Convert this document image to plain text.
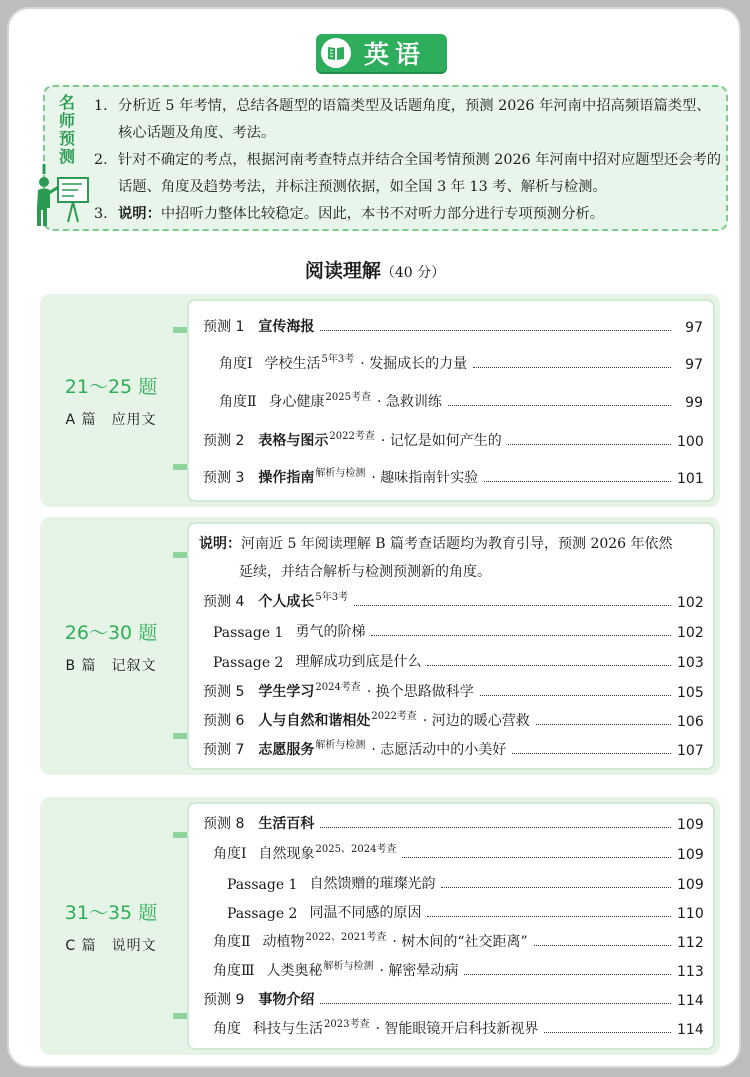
英语
名
师
预
测
1. 分析近 5 年考情，总结各题型的语篇类型及话题角度，预测 2026 年河南中招高频语篇类型、核心话题及角度、考法。
2. 针对不确定的考点，根据河南考查特点并结合全国考情预测 2026 年河南中招对应题型还会考的话题、角度及趋势考法，并标注预测依据，如全国 3 年 13 考、解析与检测。
3. 说明：中招听力整体比较稳定。因此，本书不对听力部分进行专项预测分析。
阅读理解（40 分）
21～25 题
A 篇　应用文
预测 1 宣传海报	97
角度Ⅰ 学校生活 5年3考 · 发掘成长的力量	97
角度Ⅱ 身心健康 2025考查 · 急救训练	99
预测 2 表格与图示 2022考查 · 记忆是如何产生的	100
预测 3 操作指南 解析与检测 · 趣味指南针实验	101
26～30 题
B 篇　记叙文
说明：河南近 5 年阅读理解 B 篇考查话题均为教育引导，预测 2026 年依然
延续，并结合解析与检测预测新的角度。
预测 4 个人成长 5年3考	102
Passage 1 勇气的阶梯	102
Passage 2 理解成功到底是什么	103
预测 5 学生学习 2024考查 · 换个思路做科学	105
预测 6 人与自然和谐相处 2022考查 · 河边的暖心营救	106
预测 7 志愿服务 解析与检测 · 志愿活动中的小美好	107
31～35 题
C 篇　说明文
预测 8 生活百科	109
角度Ⅰ 自然现象 2025、2024考查	109
Passage 1 自然馈赠的璀璨光韵	109
Passage 2 同温不同感的原因	110
角度Ⅱ 动植物 2022、2021考查 · 树木间的“社交距离”	112
角度Ⅲ 人类奥秘 解析与检测 · 解密晕动病	113
预测 9 事物介绍	114
角度 科技与生活 2023考查 · 智能眼镜开启科技新视界	114
